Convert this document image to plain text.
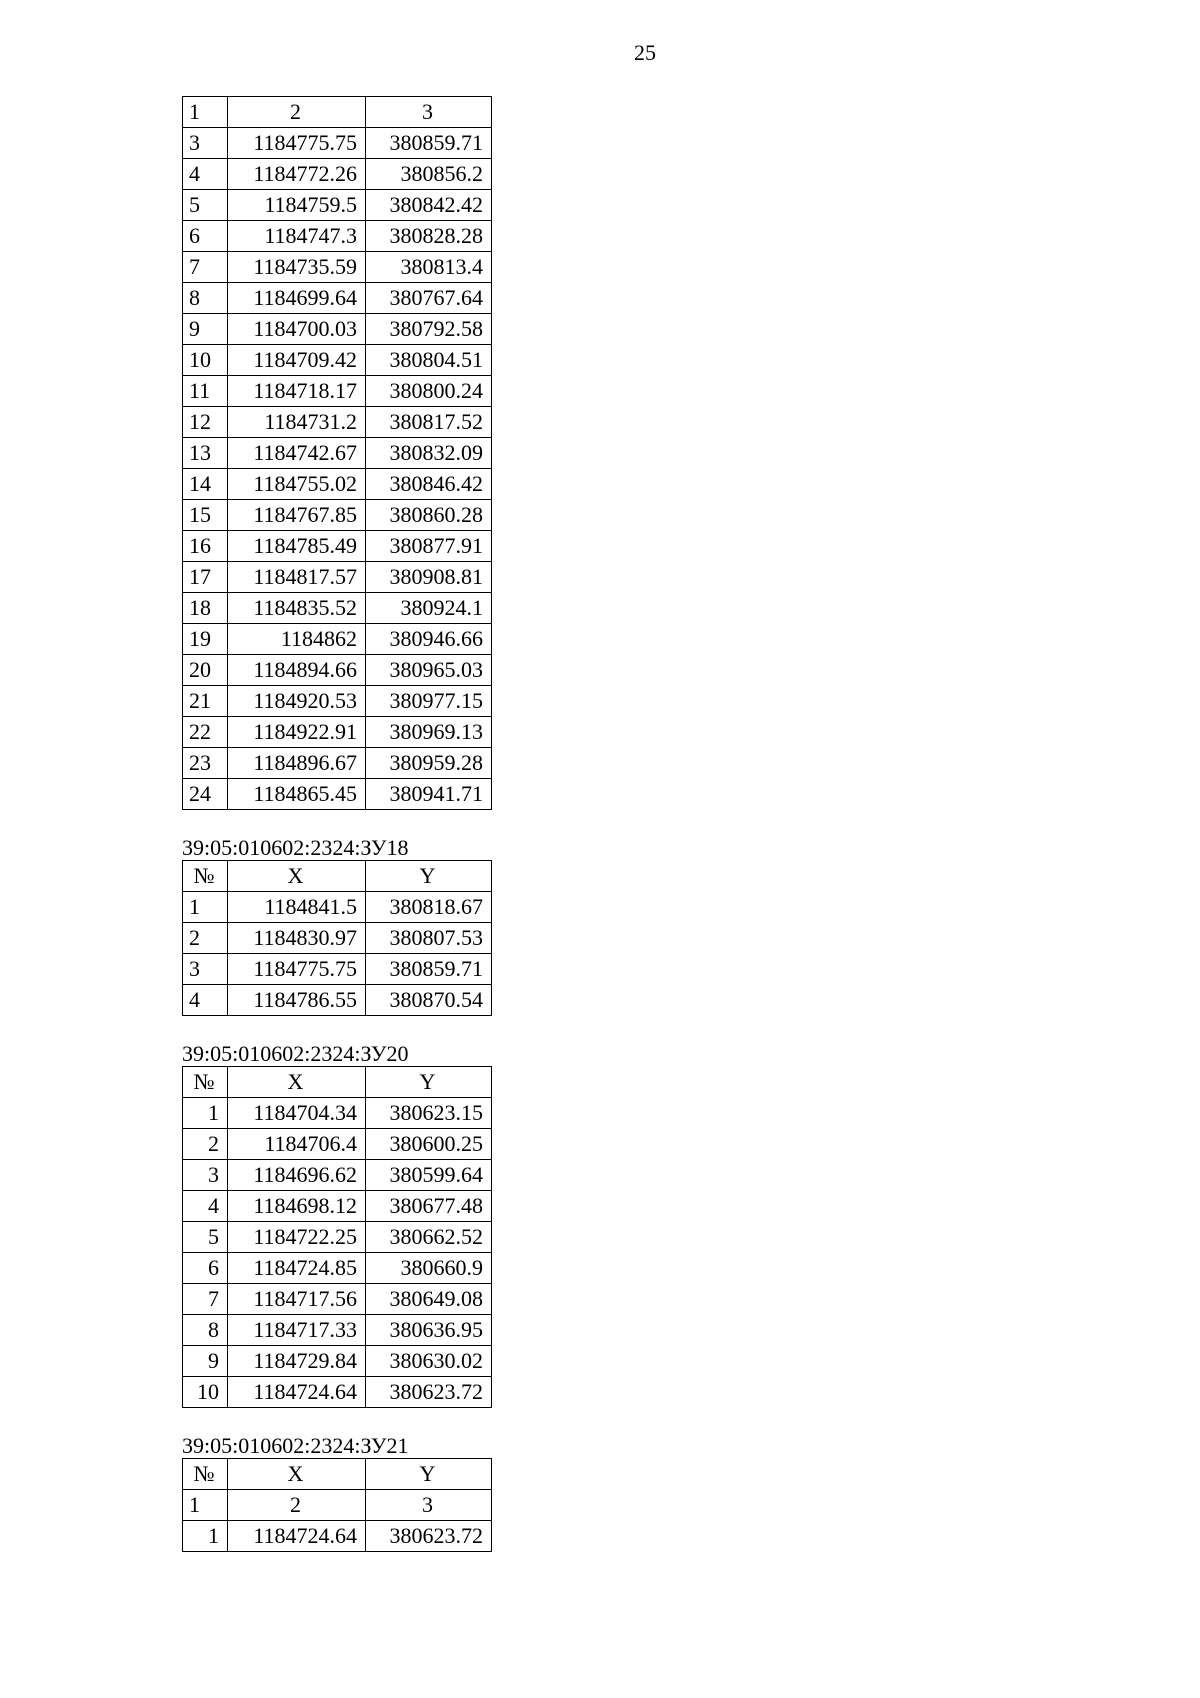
25
1	2	3
3	1184775.75	380859.71
4	1184772.26	380856.2
5	1184759.5	380842.42
6	1184747.3	380828.28
7	1184735.59	380813.4
8	1184699.64	380767.64
9	1184700.03	380792.58
10	1184709.42	380804.51
11	1184718.17	380800.24
12	1184731.2	380817.52
13	1184742.67	380832.09
14	1184755.02	380846.42
15	1184767.85	380860.28
16	1184785.49	380877.91
17	1184817.57	380908.81
18	1184835.52	380924.1
19	1184862	380946.66
20	1184894.66	380965.03
21	1184920.53	380977.15
22	1184922.91	380969.13
23	1184896.67	380959.28
24	1184865.45	380941.71
39:05:010602:2324:ЗУ18
№	X	Y
1	1184841.5	380818.67
2	1184830.97	380807.53
3	1184775.75	380859.71
4	1184786.55	380870.54
39:05:010602:2324:ЗУ20
№	X	Y
1	1184704.34	380623.15
2	1184706.4	380600.25
3	1184696.62	380599.64
4	1184698.12	380677.48
5	1184722.25	380662.52
6	1184724.85	380660.9
7	1184717.56	380649.08
8	1184717.33	380636.95
9	1184729.84	380630.02
10	1184724.64	380623.72
39:05:010602:2324:ЗУ21
№	X	Y
1	2	3
1	1184724.64	380623.72
